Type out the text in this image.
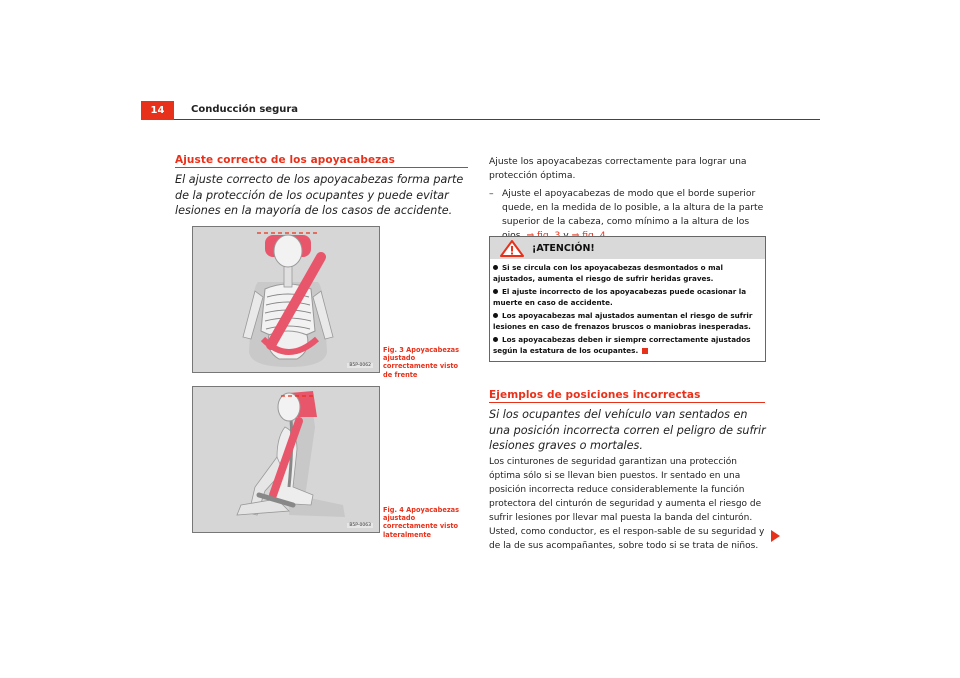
14	Conducción segura
Ajuste correcto de los apoyacabezas
El ajuste correcto de los apoyacabezas forma parte de la protección de los ocupantes y puede evitar lesiones en la mayoría de los casos de accidente.
B5P-0062
Fig. 3 Apoyacabezas ajustado correctamente visto de frente
B5P-0063
Fig. 4 Apoyacabezas ajustado correctamente visto lateralmente
Ajuste los apoyacabezas correctamente para lograr una protección óptima.
– Ajuste el apoyacabezas de modo que el borde superior quede, en la medida de lo posible, a la altura de la parte superior de la cabeza, como mínimo a la altura de los
¡ATENCIÓN!
Si se circula con los apoyacabezas desmontados o mal ajustados, aumenta el riesgo de sufrir heridas graves.
El ajuste incorrecto de los apoyacabezas puede ocasionar la muerte en caso de accidente.
Los apoyacabezas mal ajustados aumentan el riesgo de sufrir lesiones en caso de frenazos bruscos o maniobras inesperadas.
Los apoyacabezas deben ir siempre correctamente ajustados según la estatura de los ocupantes.
Ejemplos de posiciones incorrectas
Si los ocupantes del vehículo van sentados en una posición incorrecta corren el peligro de sufrir lesiones graves o mortales.
Los cinturones de seguridad garantizan una protección óptima sólo si se llevan bien puestos. Ir sentado en una posición incorrecta reduce considerablemente la función protectora del cinturón de seguridad y aumenta el riesgo de sufrir lesiones por llevar mal puesta la banda del cinturón. Usted, como conductor, es el respon-sable de su seguridad y de la de sus acompañantes, sobre todo si se trata de niños.
